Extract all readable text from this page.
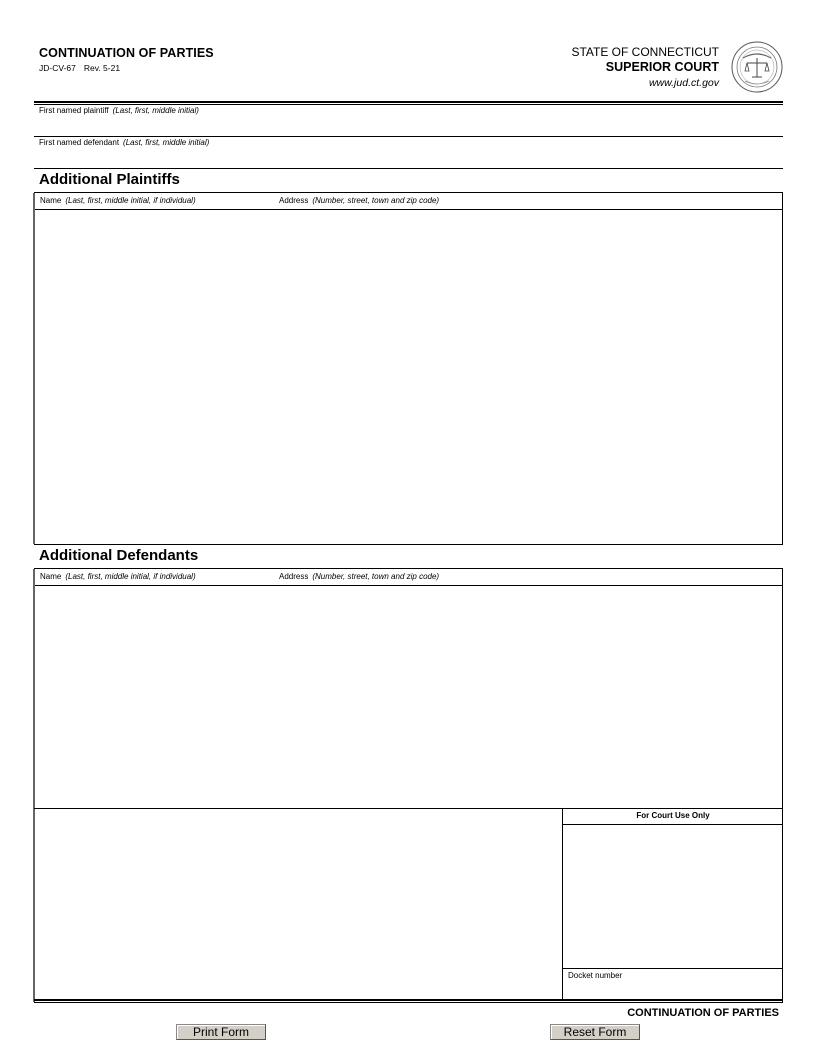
CONTINUATION OF PARTIES
JD-CV-67 Rev. 5-21
STATE OF CONNECTICUT
SUPERIOR COURT
www.jud.ct.gov
First named plaintiff (Last, first, middle initial)
First named defendant (Last, first, middle initial)
Additional Plaintiffs
Name (Last, first, middle initial, if individual)	Address (Number, street, town and zip code)
Additional Defendants
Name (Last, first, middle initial, if individual)	Address (Number, street, town and zip code)
For Court Use Only
Docket number
CONTINUATION OF PARTIES
Print Form	Reset Form
